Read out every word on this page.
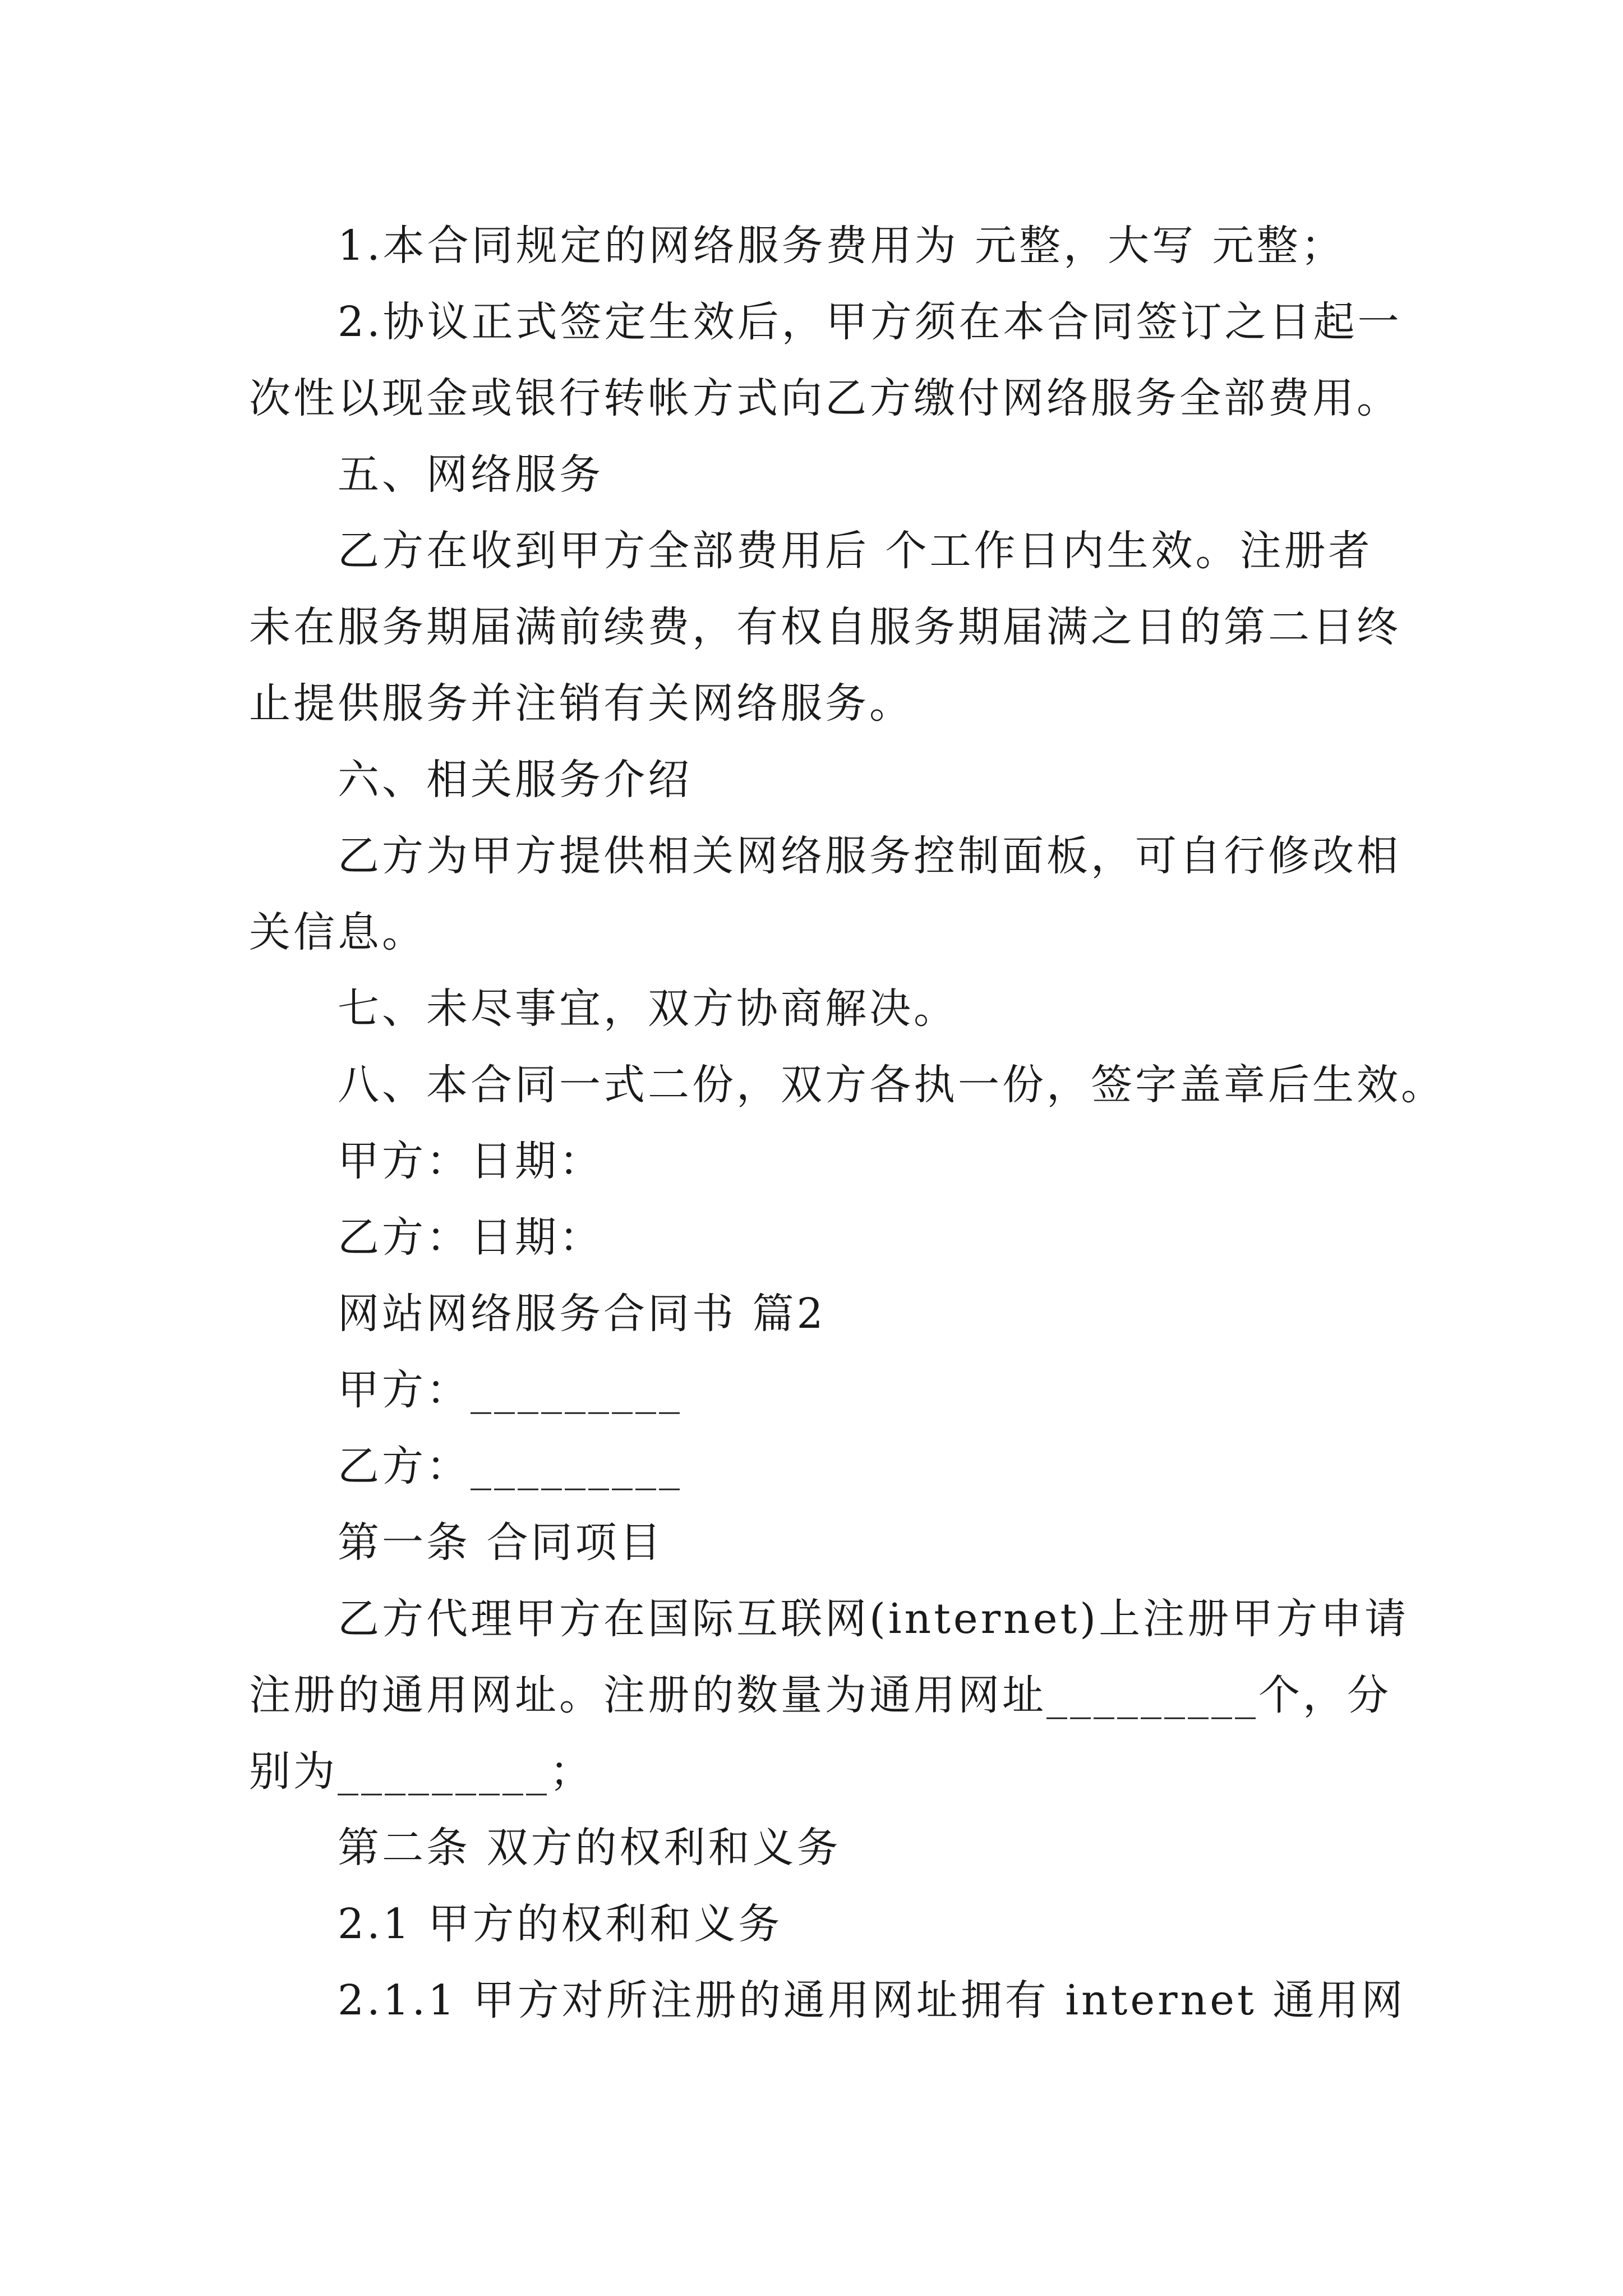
1.本合同规定的网络服务费用为 元整，大写 元整；

2.协议正式签定生效后，甲方须在本合同签订之日起一

次性以现金或银行转帐方式向乙方缴付网络服务全部费用。

五、网络服务

乙方在收到甲方全部费用后 个工作日内生效。注册者

未在服务期届满前续费，有权自服务期届满之日的第二日终

止提供服务并注销有关网络服务。

六、相关服务介绍

乙方为甲方提供相关网络服务控制面板，可自行修改相

关信息。

七、未尽事宜，双方协商解决。

八、本合同一式二份，双方各执一份，签字盖章后生效。

甲方：日期：

乙方：日期：

网站网络服务合同书 篇2

甲方：_________

乙方：_________

第一条 合同项目

乙方代理甲方在国际互联网(internet)上注册甲方申请

注册的通用网址。注册的数量为通用网址_________个，分

别为_________；

第二条 双方的权利和义务

2.1 甲方的权利和义务

2.1.1 甲方对所注册的通用网址拥有 internet 通用网
